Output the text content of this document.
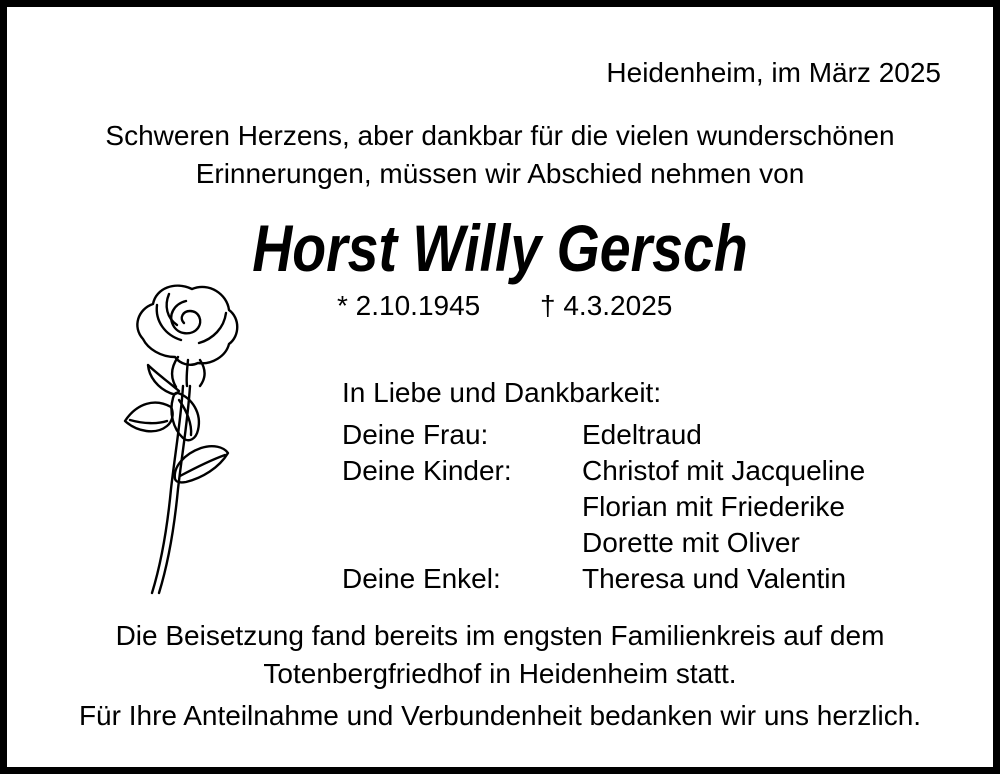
Heidenheim, im März 2025
Schweren Herzens, aber dankbar für die vielen wunderschönen
Erinnerungen, müssen wir Abschied nehmen von
Horst Willy Gersch
* 2.10.1945 † 4.3.2025
In Liebe und Dankbarkeit:
Deine Frau:	Edeltraud
Deine Kinder:	Christof mit Jacqueline
Florian mit Friederike
Dorette mit Oliver
Deine Enkel:	Theresa und Valentin
Die Beisetzung fand bereits im engsten Familienkreis auf dem
Totenbergfriedhof in Heidenheim statt.
Für Ihre Anteilnahme und Verbundenheit bedanken wir uns herzlich.
